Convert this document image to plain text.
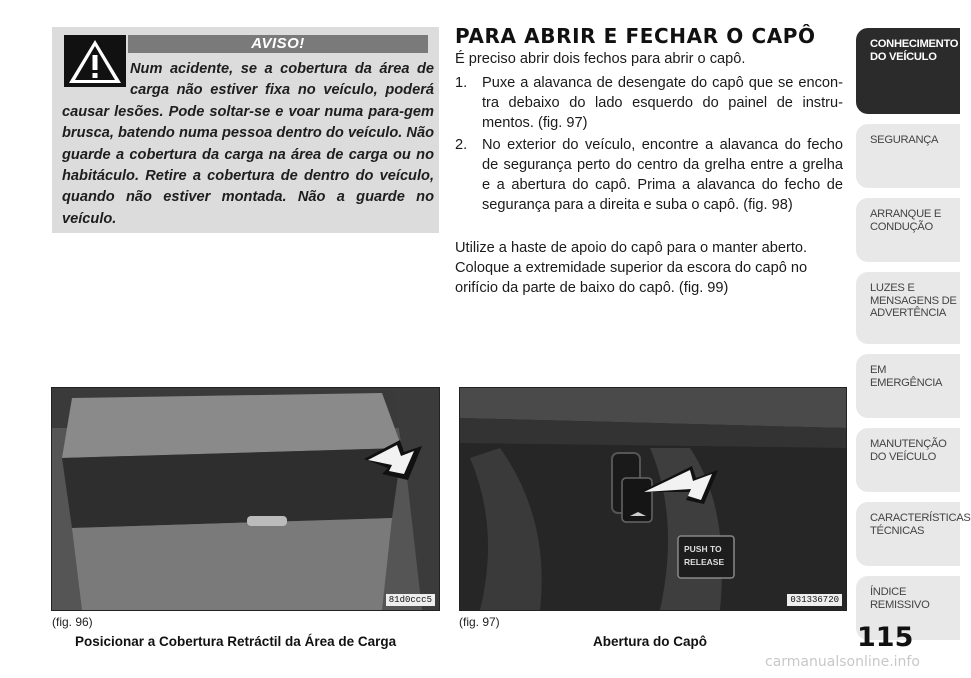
AVISO!
Num acidente, se a cobertura da área de carga não estiver fixa no veículo, poderá causar lesões. Pode soltar-se e voar numa para-gem brusca, batendo numa pessoa dentro do veículo. Não guarde a cobertura da carga na área de carga ou no habitáculo. Retire a cobertura de dentro do veículo, quando não estiver montada. Não a guarde no veículo.
PARA ABRIR E FECHAR O CAPÔ
É preciso abrir dois fechos para abrir o capô.
1. Puxe a alavanca de desengate do capô que se encon-tra debaixo do lado esquerdo do painel de instru-mentos. (fig. 97)
2. No exterior do veículo, encontre a alavanca do fecho de segurança perto do centro da grelha entre a grelha e a abertura do capô. Prima a alavanca do fecho de segurança para a direita e suba o capô. (fig. 98)
Utilize a haste de apoio do capô para o manter aberto. Coloque a extremidade superior da escora do capô no orifício da parte de baixo do capô. (fig. 99)
CONHECIMENTO DO VEÍCULO
SEGURANÇA
ARRANQUE E CONDUÇÃO
LUZES E MENSAGENS DE ADVERTÊNCIA
EM EMERGÊNCIA
MANUTENÇÃO DO VEÍCULO
CARACTERÍSTICAS TÉCNICAS
ÍNDICE REMISSIVO
81d0ccc5
PUSH TO
RELEASE
031336720
(fig. 96)
Posicionar a Cobertura Retráctil da Área de Carga
(fig. 97)
Abertura do Capô	115
carmanualsonline.info
